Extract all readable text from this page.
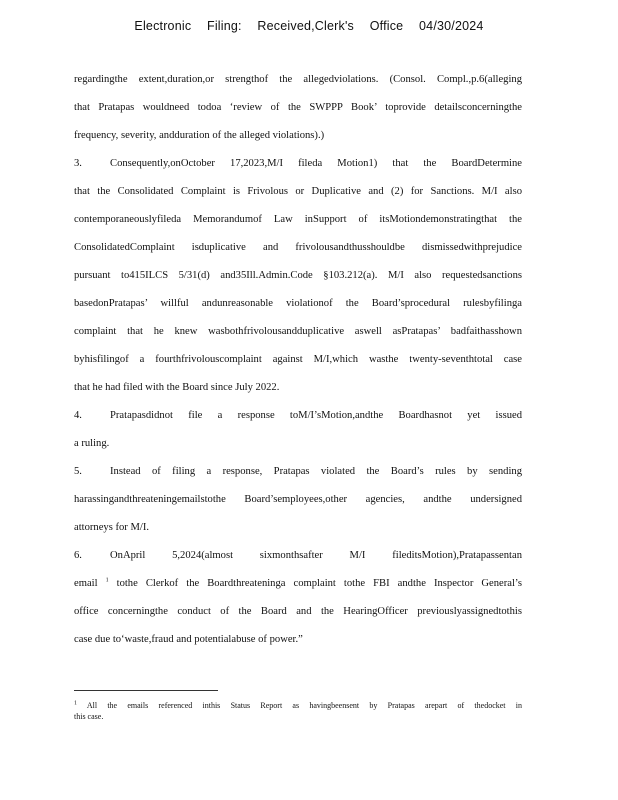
Electronic Filing: Received,Clerk's Office 04/30/2024
regardingthe extent,duration,or strengthof the allegedviolations. (Consol. Compl.,p.6(alleging
that Pratapas wouldneed todoa ‘review of the SWPPP Book’ toprovide detailsconcerningthe
frequency, severity, andduration of the alleged violations).)
3.	Consequently,onOctober 17,2023,M/I fileda Motion1) that the BoardDetermine
that the Consolidated Complaint is Frivolous or Duplicative and (2) for Sanctions. M/I also
contemporaneouslyfileda Memorandumof Law inSupport of itsMotiondemonstratingthat the
ConsolidatedComplaint isduplicative and frivolousandthusshouldbe dismissedwithprejudice
pursuant to415ILCS 5/31(d) and35Ill.Admin.Code §103.212(a). M/I also requestedsanctions
basedonPratapas’ willful andunreasonable violationof the Board’sprocedural rulesbyfilinga
complaint that he knew wasbothfrivolousandduplicative aswell asPratapas’ badfaithasshown
byhisfilingof a fourthfrivolouscomplaint against M/I,which wasthe twenty-seventhtotal case
that he had filed with the Board since July 2022.
4.	Pratapasdidnot file a response toM/I’sMotion,andthe Boardhasnot yet issued
a ruling.
5.	Instead of filing a response, Pratapas violated the Board’s rules by sending
harassingandthreateningemailstothe Board’semployees,other agencies, andthe undersigned
attorneys for M/I.
6.	OnApril 5,2024(almost sixmonthsafter M/I fileditsMotion),Pratapassentan
email $^1$ tothe Clerkof the Boardthreateninga complaint tothe FBI andthe Inspector General’s
office concerningthe conduct of the Board and the HearingOfficer previouslyassignedtothis
case due to‘waste,fraud and potentialabuse of power.”
$^1$ All the emails referenced inthis Status Report as havingbeensent by Pratapas arepart of thedocket in
this case.
